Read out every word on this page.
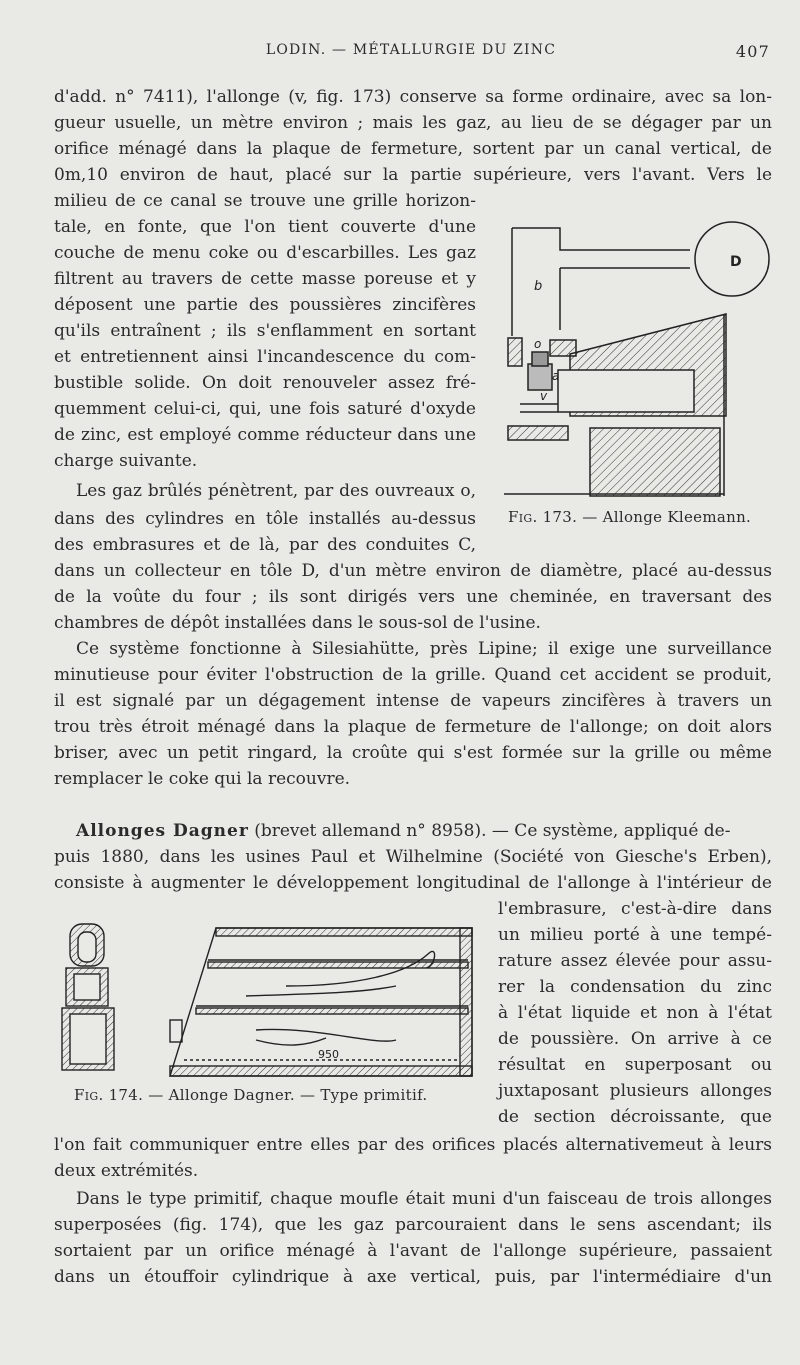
LODIN. — MÉTALLURGIE DU ZINC	407
d'add. n° 7411), l'allonge (v, fig. 173) conserve sa forme ordinaire, avec sa lon-
gueur usuelle, un mètre environ ; mais les gaz, au lieu de se dégager par un
orifice ménagé dans la plaque de fermeture, sortent par un canal vertical, de
0m,10 environ de haut, placé sur la partie supérieure, vers l'avant. Vers le
milieu de ce canal se trouve une grille horizon-
tale, en fonte, que l'on tient couverte d'une
couche de menu coke ou d'escarbilles. Les gaz
filtrent au travers de cette masse poreuse et y
déposent une partie des poussières zincifères
qu'ils entraînent ; ils s'enflamment en sortant
et entretiennent ainsi l'incandescence du com-
bustible solide. On doit renouveler assez fré-
quemment celui-ci, qui, une fois saturé d'oxyde
de zinc, est employé comme réducteur dans une
charge suivante.
Les gaz brûlés pénètrent, par des ouvreaux o,
dans des cylindres en tôle installés au-dessus
des embrasures et de là, par des conduites C,
D
b
o
a
v
Fig. 173. — Allonge Kleemann.
dans un collecteur en tôle D, d'un mètre environ de diamètre, placé au-dessus
de la voûte du four ; ils sont dirigés vers une cheminée, en traversant des
chambres de dépôt installées dans le sous-sol de l'usine.
Ce système fonctionne à Silesiahütte, près Lipine; il exige une surveillance
minutieuse pour éviter l'obstruction de la grille. Quand cet accident se produit,
il est signalé par un dégagement intense de vapeurs zincifères à travers un
trou très étroit ménagé dans la plaque de fermeture de l'allonge; on doit alors
briser, avec un petit ringard, la croûte qui s'est formée sur la grille ou même
remplacer le coke qui la recouvre.
Allonges Dagner (brevet allemand n° 8958). — Ce système, appliqué de-
puis 1880, dans les usines Paul et Wilhelmine (Société von Giesche's Erben),
consiste à augmenter le développement longitudinal de l'allonge à l'intérieur de
l'embrasure, c'est-à-dire dans
un milieu porté à une tempé-
rature assez élevée pour assu-
rer la condensation du zinc
à l'état liquide et non à l'état
de poussière. On arrive à ce
résultat en superposant ou
juxtaposant plusieurs allonges
de section décroissante, que
950
Fig. 174. — Allonge Dagner. — Type primitif.
l'on fait communiquer entre elles par des orifices placés alternativemeut à leurs
deux extrémités.
Dans le type primitif, chaque moufle était muni d'un faisceau de trois allonges
superposées (fig. 174), que les gaz parcouraient dans le sens ascendant; ils
sortaient par un orifice ménagé à l'avant de l'allonge supérieure, passaient
dans un étouffoir cylindrique à axe vertical, puis, par l'intermédiaire d'un
